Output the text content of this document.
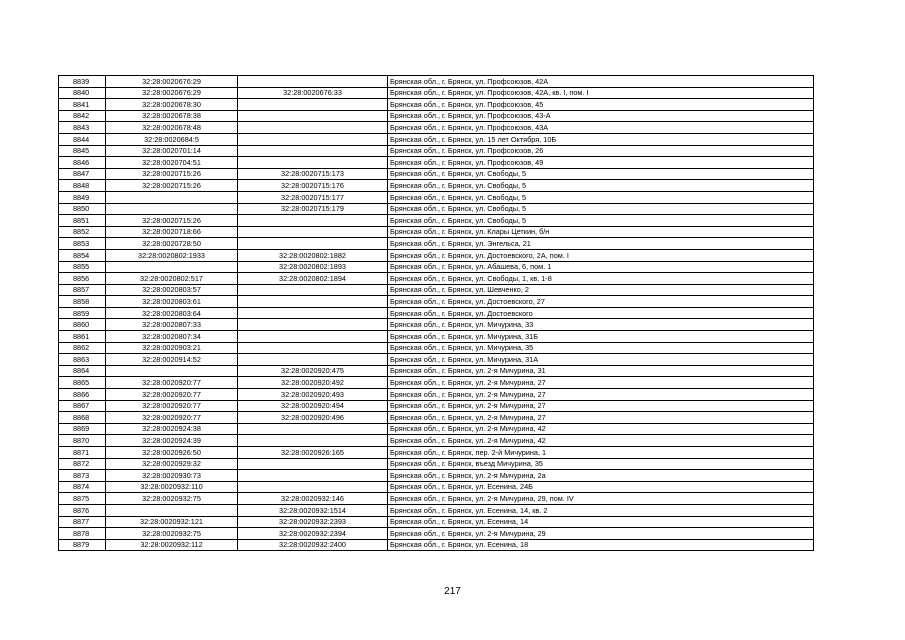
8839	32:28:0020676:29		Брянская обл., г. Брянск, ул. Профсоюзов, 42А
8840	32:28:0020676:29	32:28:0020676:33	Брянская обл., г. Брянск, ул. Профсоюзов, 42А, кв. I, пом. I
8841	32:28:0020678:30		Брянская обл., г. Брянск, ул. Профсоюзов, 45
8842	32:28:0020678:38		Брянская обл., г. Брянск, ул. Профсоюзов, 43-А
8843	32:28:0020678:48		Брянская обл., г. Брянск, ул. Профсоюзов, 43А
8844	32:28:0020684:5		Брянская обл., г. Брянск, ул. 15 лет Октября, 10Б
8845	32:28:0020701:14		Брянская обл., г. Брянск, ул. Профсоюзов, 26
8846	32:28:0020704:51		Брянская обл., г. Брянск, ул. Профсоюзов, 49
8847	32:28:0020715:26	32:28:0020715:173	Брянская обл., г. Брянск, ул. Свободы, 5
8848	32:28:0020715:26	32:28:0020715:176	Брянская обл., г. Брянск, ул. Свободы, 5
8849		32:28:0020715:177	Брянская обл., г. Брянск, ул. Свободы, 5
8850		32:28:0020715:179	Брянская обл., г. Брянск, ул. Свободы, 5
8851	32:28:0020715:26		Брянская обл., г. Брянск, ул. Свободы, 5
8852	32:28:0020718:66		Брянская обл., г. Брянск, ул. Клары Цеткин, б/н
8853	32:28:0020728:50		Брянская обл., г. Брянск, ул. Энгельса, 21
8854	32:28:0020802:1933	32:28:0020802:1882	Брянская обл., г. Брянск, ул. Достоевского, 2А, пом. I
8855		32:28:0020802:1893	Брянская обл., г. Брянск, ул. Абашева, 6, пом. 1
8856	32:28:0020802:517	32:28:0020802:1894	Брянская обл., г. Брянск, ул. Свободы, 1, кв. 1-8
8857	32:28:0020803:57		Брянская обл., г. Брянск, ул. Шевченко, 2
8858	32:28:0020803:61		Брянская обл., г. Брянск, ул. Достоевского, 27
8859	32:28:0020803:64		Брянская обл., г. Брянск, ул. Достоевского
8860	32:28:0020807:33		Брянская обл., г. Брянск, ул. Мичурина, 33
8861	32:28:0020807:34		Брянская обл., г. Брянск, ул. Мичурина, 31Б
8862	32:28:0020903:21		Брянская обл., г. Брянск, ул. Мичурина, 35
8863	32:28:0020914:52		Брянская обл., г. Брянск, ул. Мичурина, 31А
8864		32:28:0020920:475	Брянская обл., г. Брянск, ул. 2-я Мичурина, 31
8865	32:28:0020920:77	32:28:0020920:492	Брянская обл., г. Брянск, ул. 2-я Мичурина, 27
8866	32:28:0020920:77	32:28:0020920:493	Брянская обл., г. Брянск, ул. 2-я Мичурина, 27
8867	32:28:0020920:77	32:28:0020920:494	Брянская обл., г. Брянск, ул. 2-я Мичурина, 27
8868	32:28:0020920:77	32:28:0020920:496	Брянская обл., г. Брянск, ул. 2-я Мичурина, 27
8869	32:28:0020924:38		Брянская обл., г. Брянск, ул. 2-я Мичурина, 42
8870	32:28:0020924:39		Брянская обл., г. Брянск, ул. 2-я Мичурина, 42
8871	32:28:0020926:50	32:28:0020926:165	Брянская обл., г. Брянск, пер. 2-й Мичурина, 1
8872	32:28:0020929:32		Брянская обл., г. Брянск, въезд Мичурина, 35
8873	32:28:0020930:73		Брянская обл., г. Брянск, ул. 2-я Мичурина, 2а
8874	32:28:0020932:110		Брянская обл., г. Брянск, ул. Есенина, 24Б
8875	32:28:0020932:75	32:28:0020932:146	Брянская обл., г. Брянск, ул. 2-я Мичурина, 29, пом. IV
8876		32:28:0020932:1514	Брянская обл., г. Брянск, ул. Есенина, 14, кв. 2
8877	32:28:0020932:121	32:28:0020932:2393	Брянская обл., г. Брянск, ул. Есенина, 14
8878	32:28:0020932:75	32:28:0020932:2394	Брянская обл., г. Брянск, ул. 2-я Мичурина, 29
8879	32:28:0020932:112	32:28:0020932:2400	Брянская обл., г. Брянск, ул. Есенина, 18
217
